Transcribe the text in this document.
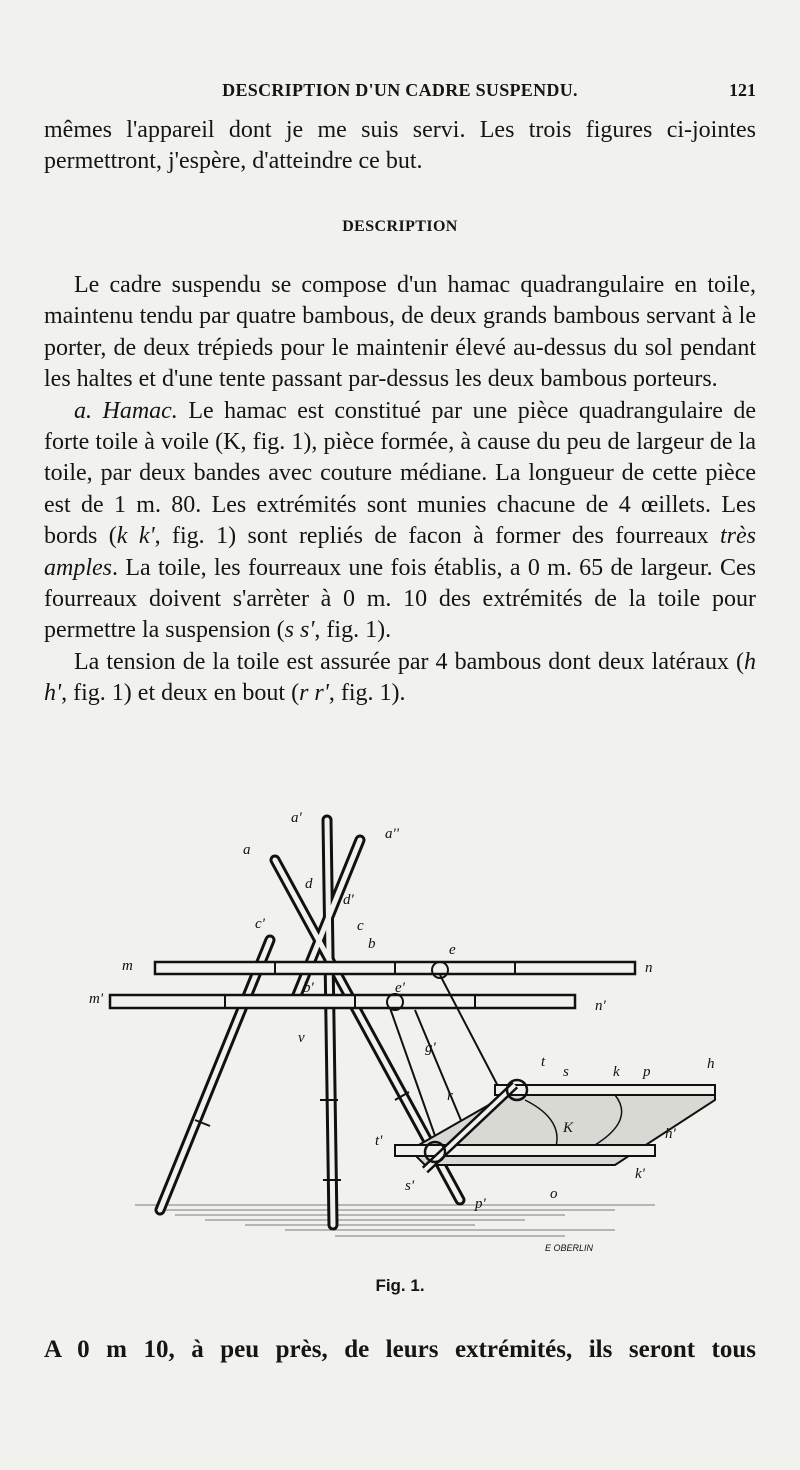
DESCRIPTION D'UN CADRE SUSPENDU.	121

mêmes l'appareil dont je me suis servi. Les trois figures ci-jointes permettront, j'espère, d'atteindre ce but.

DESCRIPTION

Le cadre suspendu se compose d'un hamac quadrangulaire en toile, maintenu tendu par quatre bambous, de deux grands bambous servant à le porter, de deux trépieds pour le maintenir élevé au-dessus du sol pendant les haltes et d'une tente passant par-dessus les deux bambous porteurs.

a. Hamac. Le hamac est constitué par une pièce quadrangulaire de forte toile à voile (K, fig. 1), pièce formée, à cause du peu de largeur de la toile, par deux bandes avec couture médiane. La longueur de cette pièce est de 1 m. 80. Les extrémités sont munies chacune de 4 œillets. Les bords (k k', fig. 1) sont repliés de facon à former des fourreaux très amples. La toile, les fourreaux une fois établis, a 0 m. 65 de largeur. Ces fourreaux doivent s'arrèter à 0 m. 10 des extrémités de la toile pour permettre la suspension (s s', fig. 1).

La tension de la toile est assurée par 4 bambous dont deux latéraux (h h', fig. 1) et deux en bout (r r', fig. 1).

a'
a''
a
d
d'
c'	c
b
m	n
e
b'	e'
m'	n'
v
g'
t
s	k p	h
r
K	h'
t'
k'
s'	o
p'
E OBERLIN
Fig. 1.
A 0 m 10, à peu près, de leurs extrémités, ils seront tous
